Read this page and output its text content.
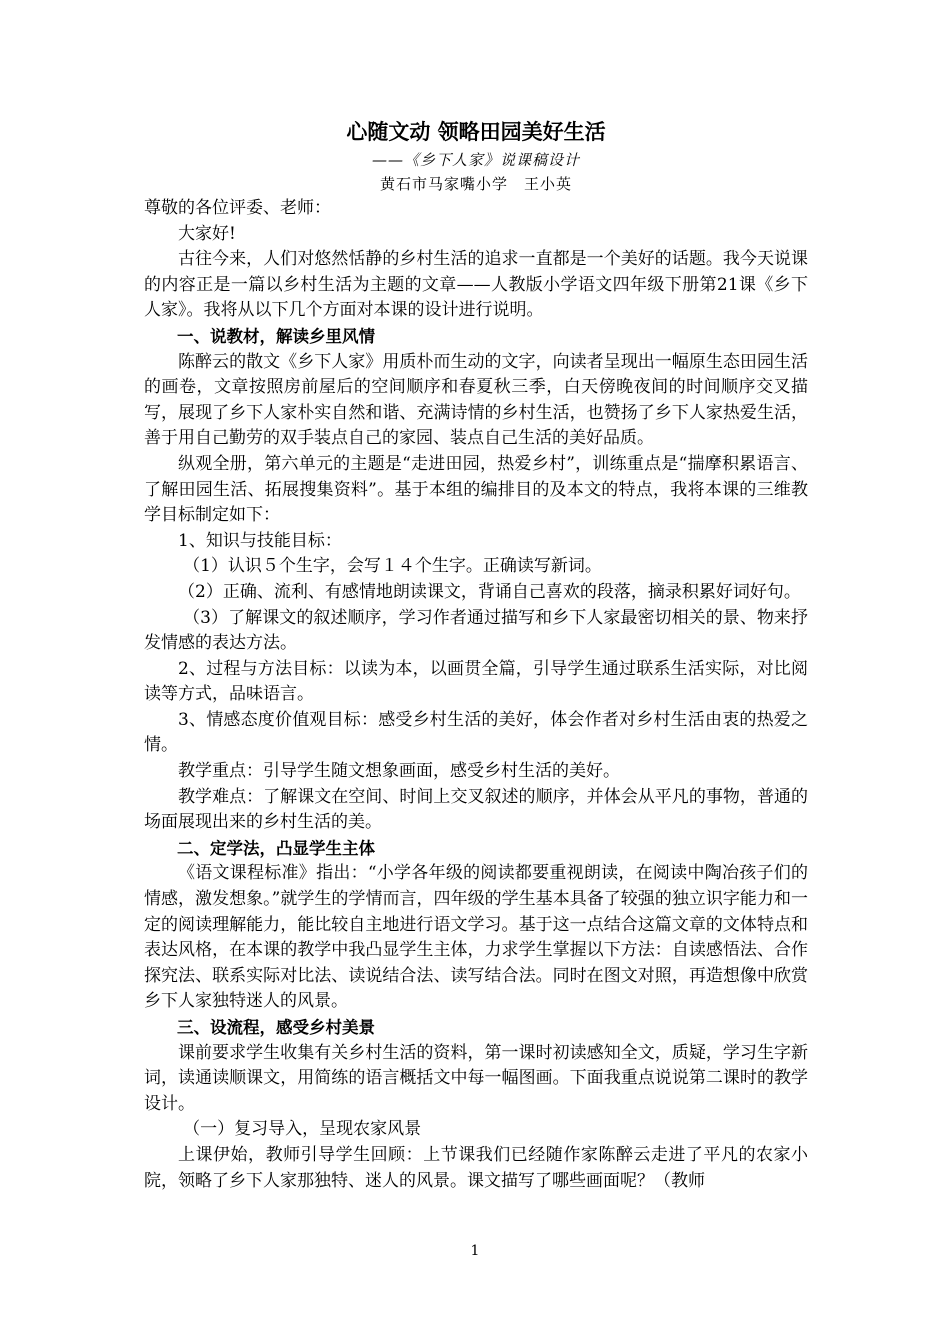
心随文动 领略田园美好生活

——《乡下人家》说课稿设计

黄石市马家嘴小学　王小英

尊敬的各位评委、老师：

大家好!

古往今来，人们对悠然恬静的乡村生活的追求一直都是一个美好的话题。我今天说课的内容正是一篇以乡村生活为主题的文章——人教版小学语文四年级下册第21课《乡下人家》。我将从以下几个方面对本课的设计进行说明。

一、说教材，解读乡里风情

陈醉云的散文《乡下人家》用质朴而生动的文字，向读者呈现出一幅原生态田园生活的画卷，文章按照房前屋后的空间顺序和春夏秋三季，白天傍晚夜间的时间顺序交叉描写，展现了乡下人家朴实自然和谐、充满诗情的乡村生活，也赞扬了乡下人家热爱生活，善于用自己勤劳的双手装点自己的家园、装点自己生活的美好品质。

纵观全册，第六单元的主题是“走进田园，热爱乡村”，训练重点是“揣摩积累语言、了解田园生活、拓展搜集资料”。基于本组的编排目的及本文的特点，我将本课的三维教学目标制定如下：

1、知识与技能目标：

（1）认识５个生字，会写１４个生字。正确读写新词。

（2）正确、流利、有感情地朗读课文，背诵自己喜欢的段落，摘录积累好词好句。

（3）了解课文的叙述顺序，学习作者通过描写和乡下人家最密切相关的景、物来抒发情感的表达方法。

2、过程与方法目标：以读为本，以画贯全篇，引导学生通过联系生活实际，对比阅读等方式，品味语言。

3、情感态度价值观目标：感受乡村生活的美好，体会作者对乡村生活由衷的热爱之情。

教学重点：引导学生随文想象画面，感受乡村生活的美好。

教学难点：了解课文在空间、时间上交叉叙述的顺序，并体会从平凡的事物，普通的场面展现出来的乡村生活的美。

二、定学法，凸显学生主体

《语文课程标准》指出：“小学各年级的阅读都要重视朗读，在阅读中陶冶孩子们的情感，激发想象。”就学生的学情而言，四年级的学生基本具备了较强的独立识字能力和一定的阅读理解能力，能比较自主地进行语文学习。基于这一点结合这篇文章的文体特点和表达风格，在本课的教学中我凸显学生主体，力求学生掌握以下方法：自读感悟法、合作探究法、联系实际对比法、读说结合法、读写结合法。同时在图文对照，再造想像中欣赏乡下人家独特迷人的风景。

三、设流程，感受乡村美景

课前要求学生收集有关乡村生活的资料，第一课时初读感知全文，质疑，学习生字新词，读通读顺课文，用简练的语言概括文中每一幅图画。下面我重点说说第二课时的教学设计。

（一）复习导入，呈现农家风景

上课伊始，教师引导学生回顾：上节课我们已经随作家陈醉云走进了平凡的农家小院，领略了乡下人家那独特、迷人的风景。课文描写了哪些画面呢？（教师

1
